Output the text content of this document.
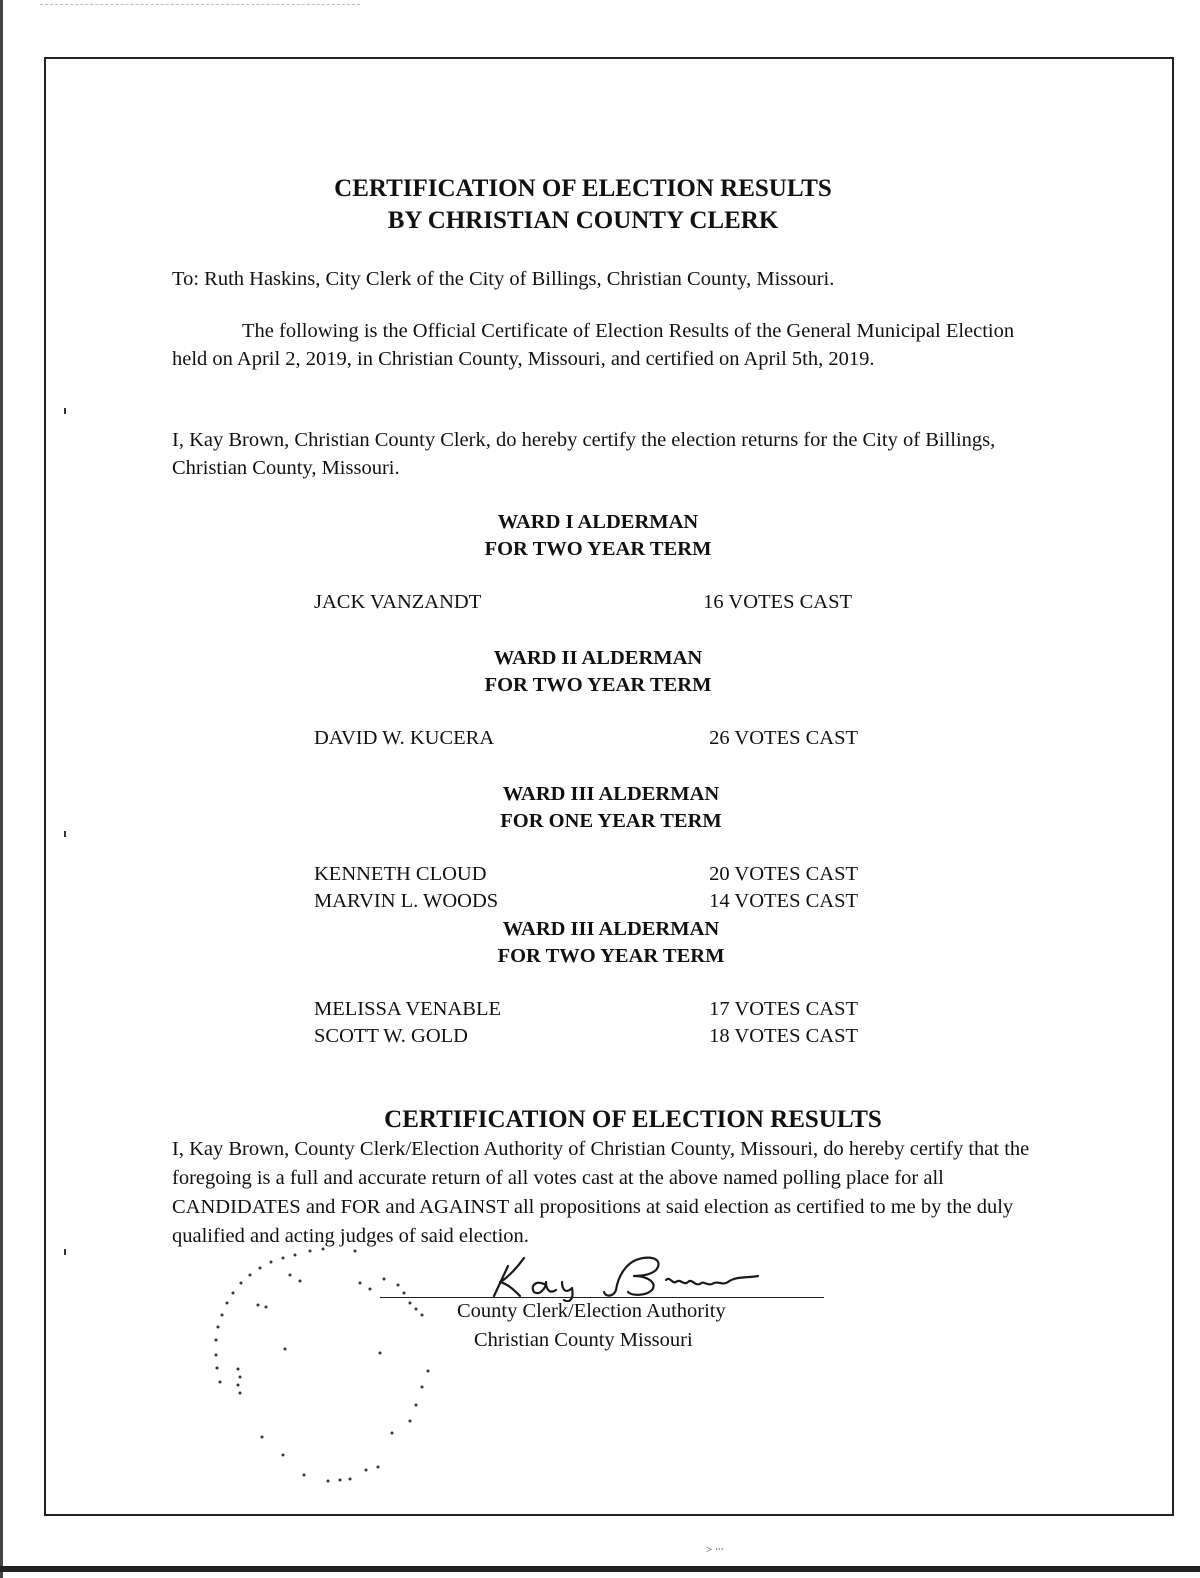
˃ ᐧᐧᐧ
CERTIFICATION OF ELECTION RESULTS
BY CHRISTIAN COUNTY CLERK

To: Ruth Haskins, City Clerk of the City of Billings, Christian County, Missouri.

The following is the Official Certificate of Election Results of the General Municipal Election held on April 2, 2019, in Christian County, Missouri, and certified on April 5th, 2019.

I, Kay Brown, Christian County Clerk, do hereby certify the election returns for the City of Billings, Christian County, Missouri.

WARD I ALDERMAN
FOR TWO YEAR TERM
JACK VANZANDT	16 VOTES CAST
WARD II ALDERMAN
FOR TWO YEAR TERM
DAVID W. KUCERA	26 VOTES CAST
WARD III ALDERMAN
FOR ONE YEAR TERM
KENNETH CLOUD	20 VOTES CAST
MARVIN L. WOODS	14 VOTES CAST
WARD III ALDERMAN
FOR TWO YEAR TERM
MELISSA VENABLE	17 VOTES CAST
SCOTT W. GOLD	18 VOTES CAST
CERTIFICATION OF ELECTION RESULTS

I, Kay Brown, County Clerk/Election Authority of Christian County, Missouri, do hereby certify that the foregoing is a full and accurate return of all votes cast at the above named polling place for all CANDIDATES and FOR and AGAINST all propositions at said election as certified to me by the duly qualified and acting judges of said election.

County Clerk/Election Authority
Christian County Missouri
